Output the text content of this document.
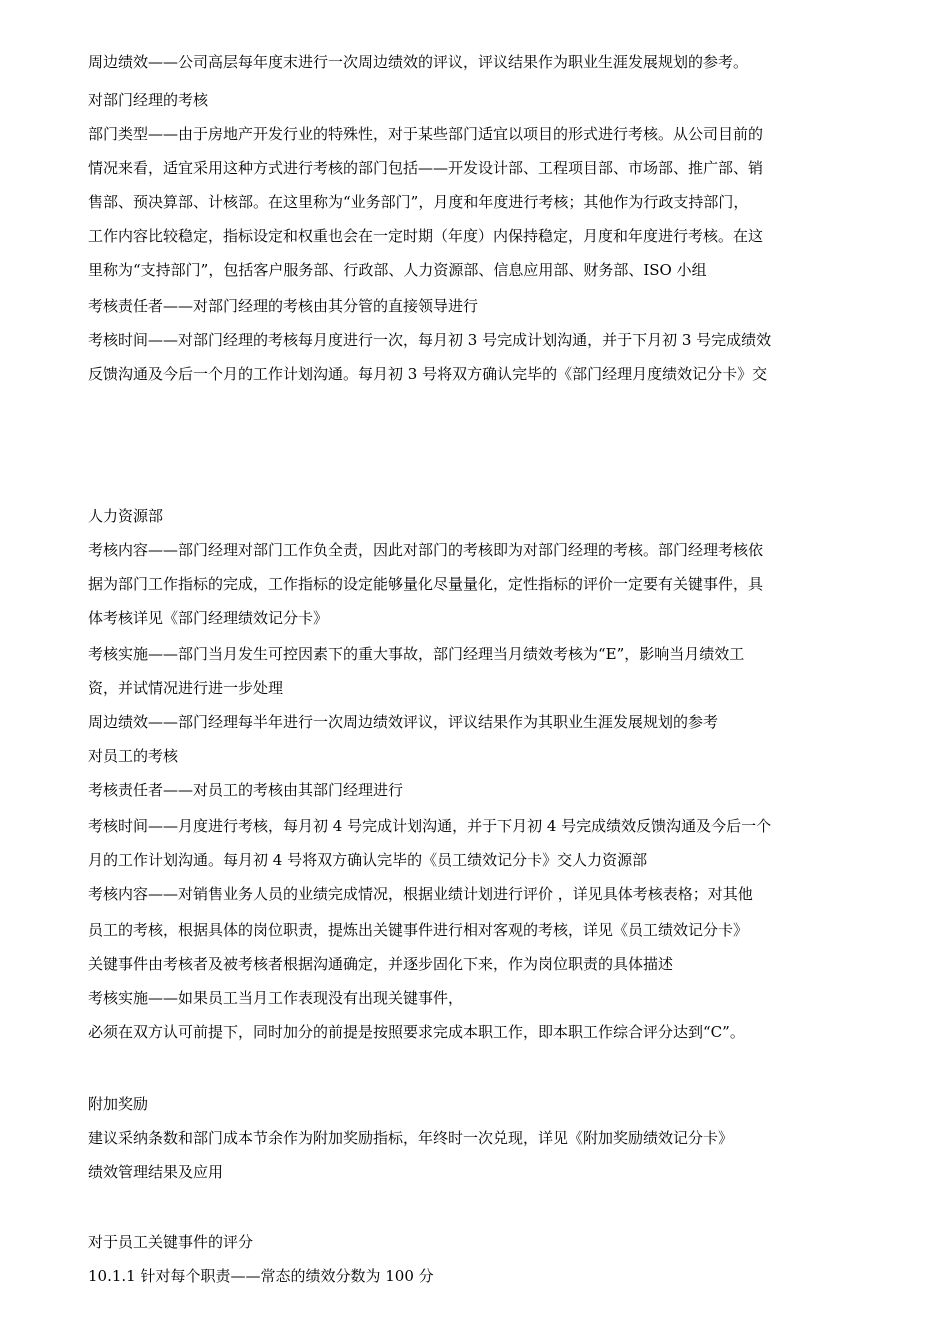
周边绩效——公司高层每年度末进行一次周边绩效的评议，评议结果作为职业生涯发展规划的参考。
对部门经理的考核
部门类型——由于房地产开发行业的特殊性，对于某些部门适宜以项目的形式进行考核。从公司目前的
情况来看，适宜采用这种方式进行考核的部门包括——开发设计部、工程项目部、市场部、推广部、销
售部、预决算部、计核部。在这里称为“业务部门”，月度和年度进行考核；其他作为行政支持部门，
工作内容比较稳定，指标设定和权重也会在一定时期（年度）内保持稳定，月度和年度进行考核。在这
里称为“支持部门”，包括客户服务部、行政部、人力资源部、信息应用部、财务部、ISO 小组
考核责任者——对部门经理的考核由其分管的直接领导进行
考核时间——对部门经理的考核每月度进行一次，每月初 3 号完成计划沟通，并于下月初 3 号完成绩效
反馈沟通及今后一个月的工作计划沟通。每月初 3 号将双方确认完毕的《部门经理月度绩效记分卡》交
人力资源部
考核内容——部门经理对部门工作负全责，因此对部门的考核即为对部门经理的考核。部门经理考核依
据为部门工作指标的完成，工作指标的设定能够量化尽量量化，定性指标的评价一定要有关键事件，具
体考核详见《部门经理绩效记分卡》
考核实施——部门当月发生可控因素下的重大事故，部门经理当月绩效考核为“E”，影响当月绩效工
资，并试情况进行进一步处理
周边绩效——部门经理每半年进行一次周边绩效评议，评议结果作为其职业生涯发展规划的参考
对员工的考核
考核责任者——对员工的考核由其部门经理进行
考核时间——月度进行考核，每月初 4 号完成计划沟通，并于下月初 4 号完成绩效反馈沟通及今后一个
月的工作计划沟通。每月初 4 号将双方确认完毕的《员工绩效记分卡》交人力资源部
考核内容——对销售业务人员的业绩完成情况，根据业绩计划进行评价 ，详见具体考核表格；对其他
员工的考核，根据具体的岗位职责，提炼出关键事件进行相对客观的考核，详见《员工绩效记分卡》
关键事件由考核者及被考核者根据沟通确定，并逐步固化下来，作为岗位职责的具体描述
考核实施——如果员工当月工作表现没有出现关键事件，
必须在双方认可前提下，同时加分的前提是按照要求完成本职工作，即本职工作综合评分达到“C”。
附加奖励
建议采纳条数和部门成本节余作为附加奖励指标，年终时一次兑现，详见《附加奖励绩效记分卡》
绩效管理结果及应用
对于员工关键事件的评分
10.1.1 针对每个职责——常态的绩效分数为 100 分
